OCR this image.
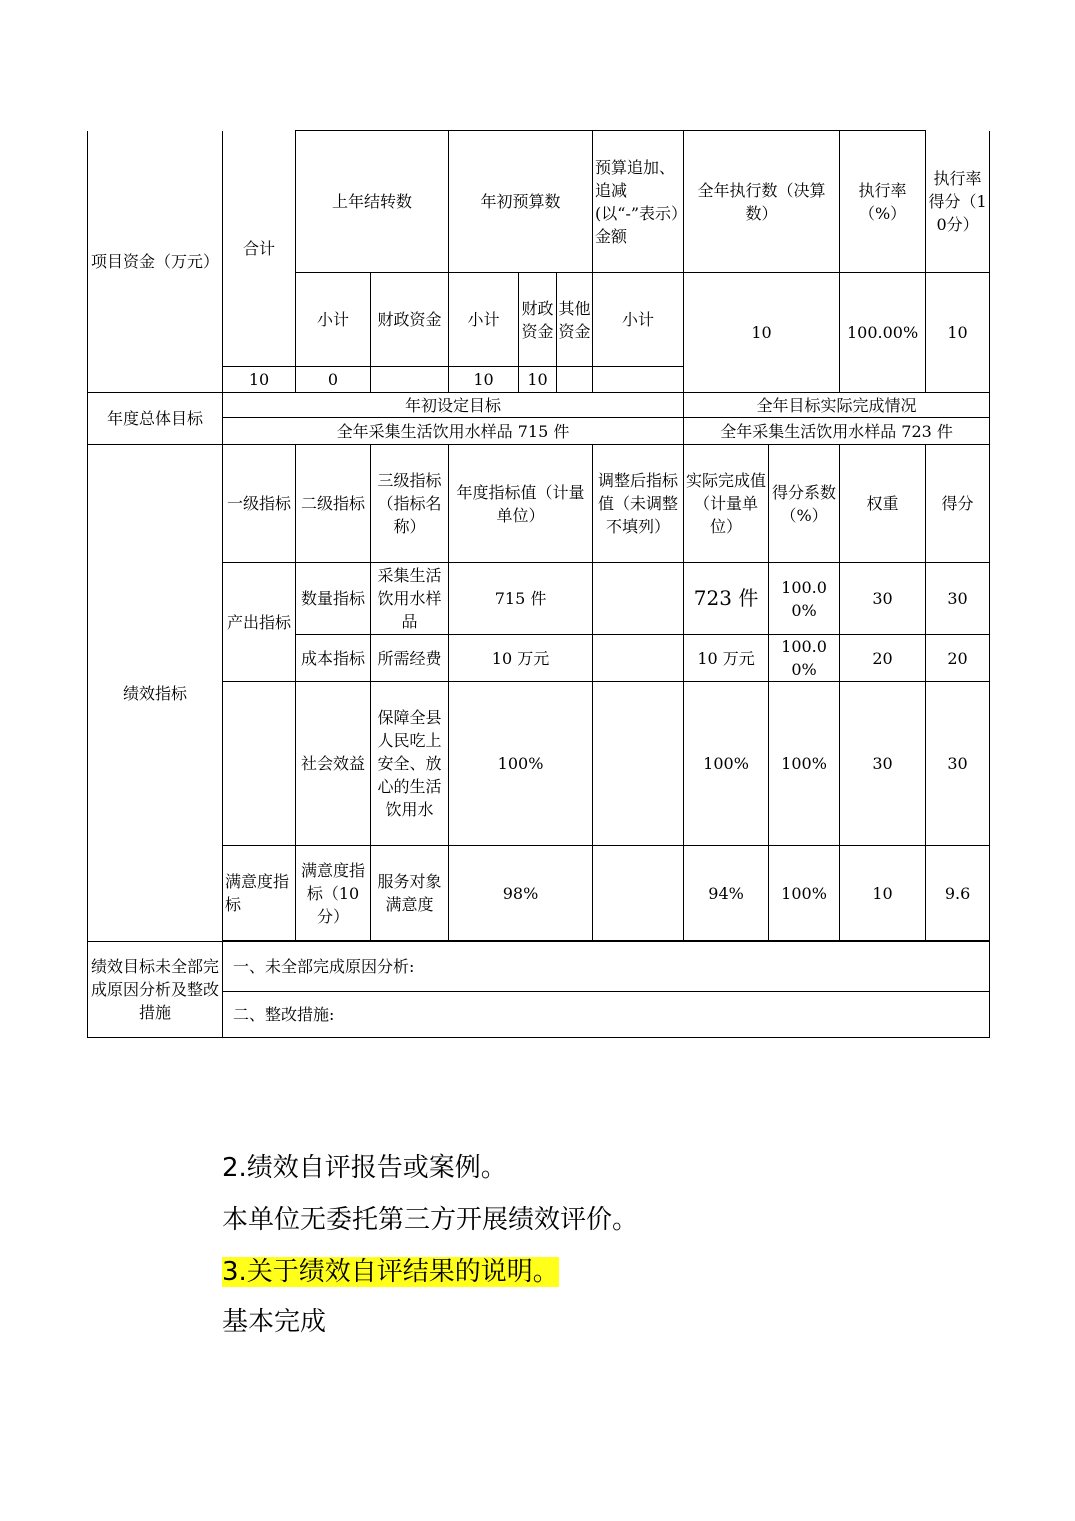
项目资金（万元）	合计	上年结转数		年初预算数			预算追加、追减(以“-”表示）金额	全年执行数（决算数）		执行率（%）	执行率得分（10分）
		小计	财政资金	小计	财政资金	其他资金	小计	10		100.00%	10
	10	0		10	10						
年度总体目标	年初设定目标							全年目标实际完成情况			
	全年采集生活饮用水样品 715 件							全年采集生活饮用水样品 723 件			
绩效指标	一级指标	二级指标	三级指标（指标名称）	年度指标值（计量单位）			调整后指标值（未调整不填列）	实际完成值（计量单位）	得分系数（%）	权重	得分
	产出指标	数量指标	采集生活饮用水样品	715 件				723 件	100.00%	30	30
		成本指标	所需经费	10 万元				10 万元	100.00%	20	20
		社会效益	保障全县人民吃上安全、放心的生活饮用水	100%				100%	100%	30	30
	满意度指标	满意度指标（10分）	服务对象满意度	98%				94%	100%	10	9.6

绩效目标未全部完成原因分析及整改措施	一、未全部完成原因分析:										
	二、整改措施:										
2.绩效自评报告或案例。
本单位无委托第三方开展绩效评价。
3.关于绩效自评结果的说明。
基本完成
